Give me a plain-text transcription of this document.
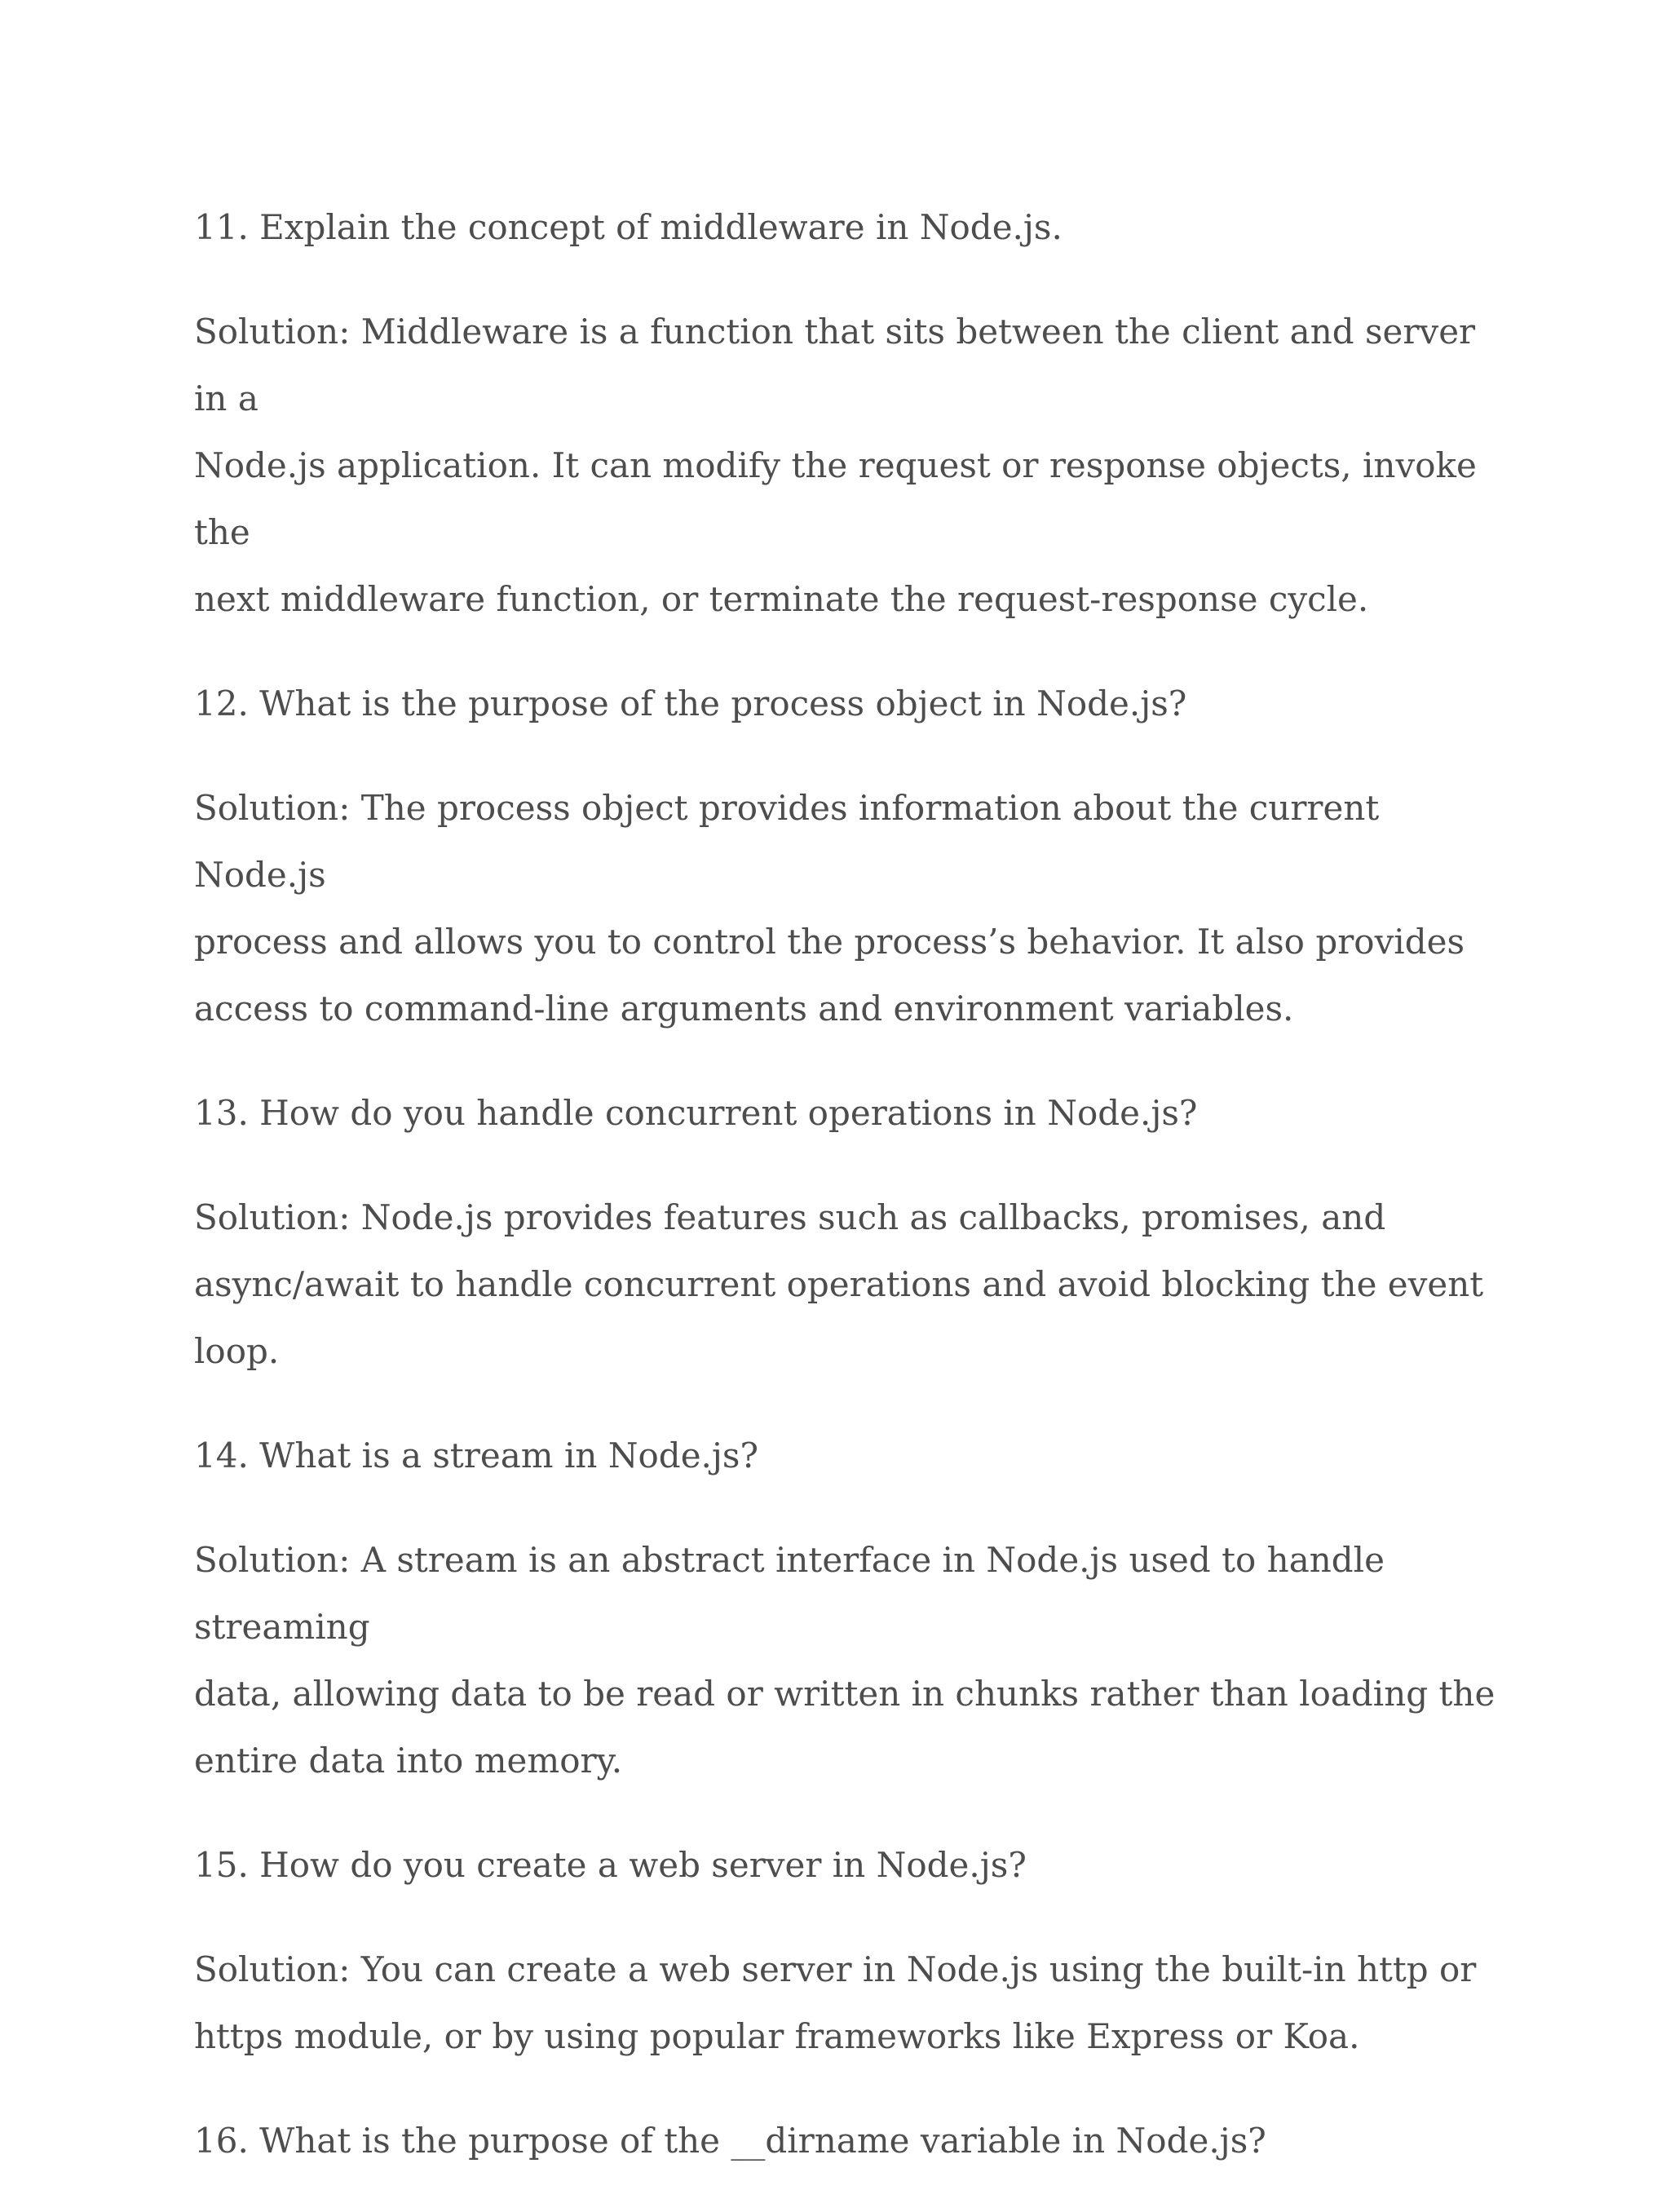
11. Explain the concept of middleware in Node.js.

Solution: Middleware is a function that sits between the client and server in a
Node.js application. It can modify the request or response objects, invoke the
next middleware function, or terminate the request-response cycle.

12. What is the purpose of the process object in Node.js?

Solution: The process object provides information about the current Node.js
process and allows you to control the process’s behavior. It also provides
access to command-line arguments and environment variables.

13. How do you handle concurrent operations in Node.js?

Solution: Node.js provides features such as callbacks, promises, and
async/await to handle concurrent operations and avoid blocking the event
loop.

14. What is a stream in Node.js?

Solution: A stream is an abstract interface in Node.js used to handle streaming
data, allowing data to be read or written in chunks rather than loading the
entire data into memory.

15. How do you create a web server in Node.js?

Solution: You can create a web server in Node.js using the built-in http or
https module, or by using popular frameworks like Express or Koa.

16. What is the purpose of the __dirname variable in Node.js?
